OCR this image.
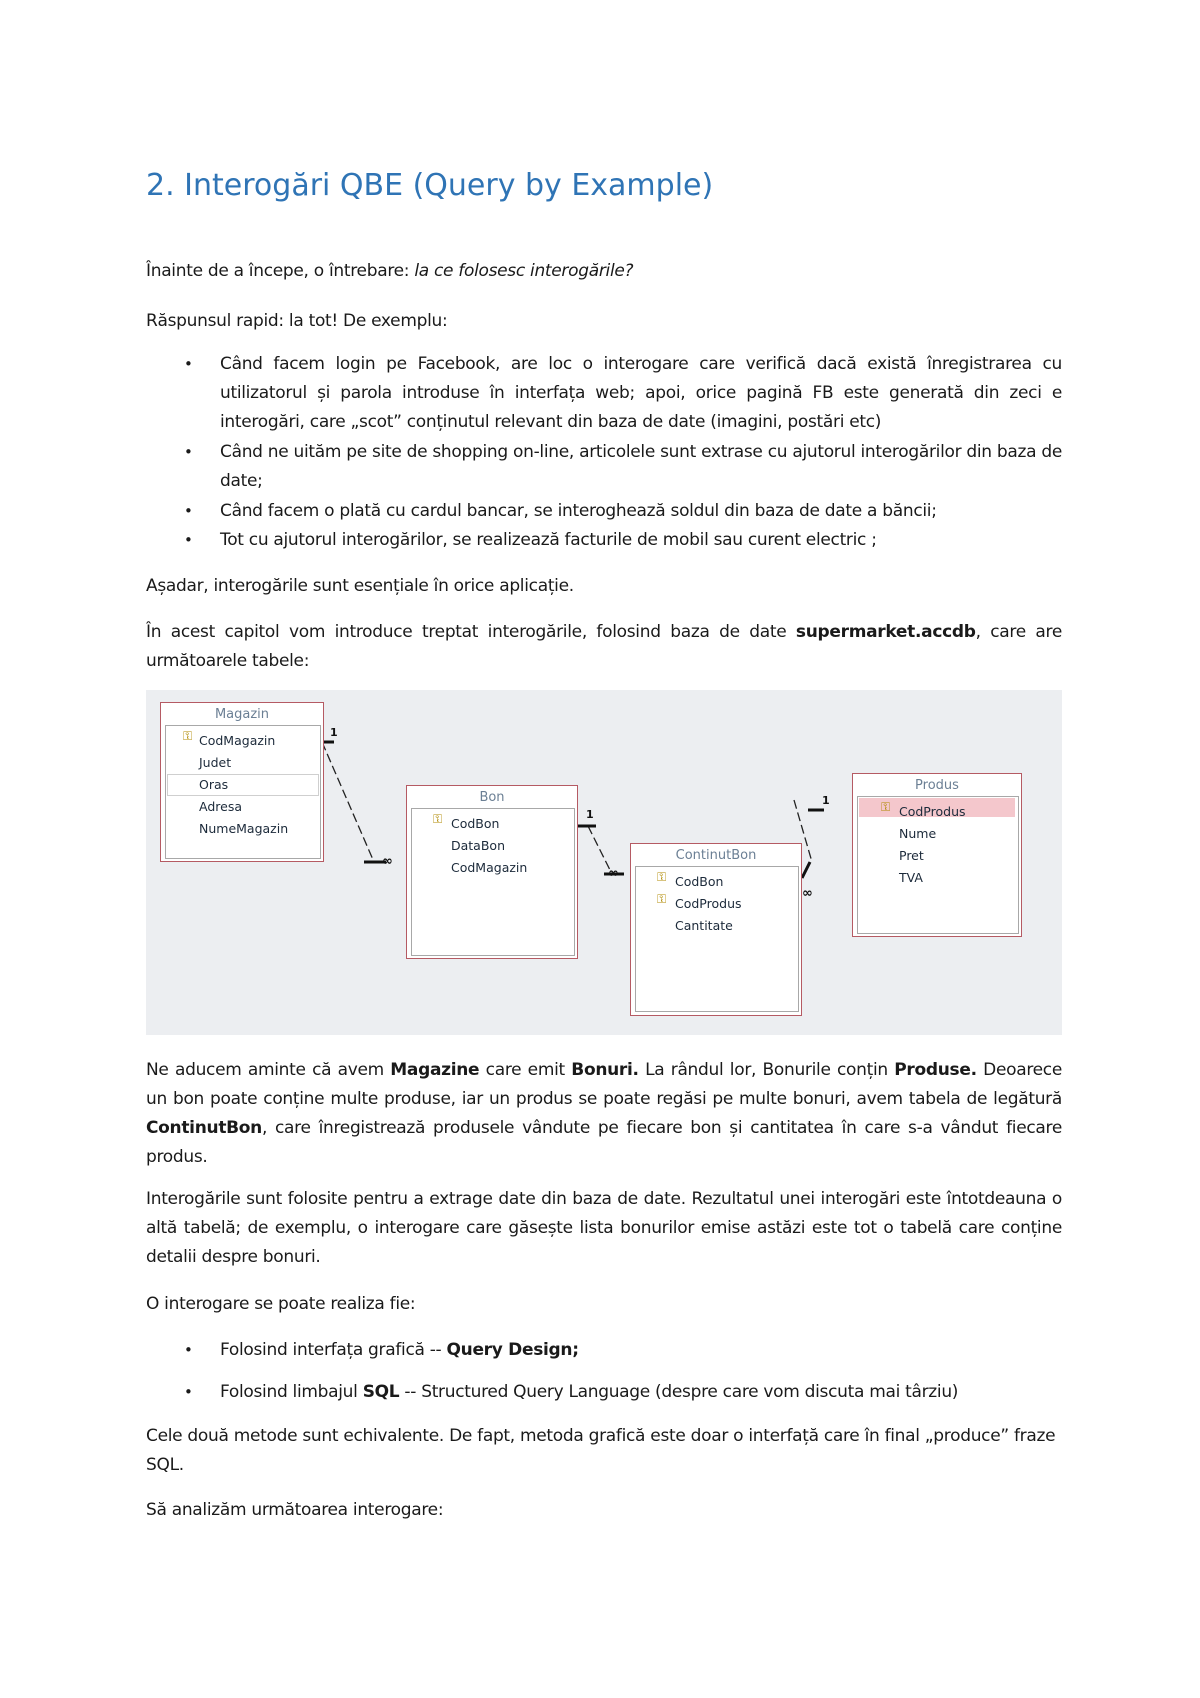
2. Interogări QBE (Query by Example)

Înainte de a începe, o întrebare: la ce folosesc interogările?

Răspunsul rapid: la tot! De exemplu:

• Când facem login pe Facebook, are loc o interogare care verifică dacă există înregistrarea cu utilizatorul și parola introduse în interfața web; apoi, orice pagină FB este generată din zeci e interogări, care „scot” conținutul relevant din baza de date (imagini, postări etc)
• Când ne uităm pe site de shopping on-line, articolele sunt extrase cu ajutorul interogărilor din baza de date;
• Când facem o plată cu cardul bancar, se interoghează soldul din baza de date a băncii;
• Tot cu ajutorul interogărilor, se realizează facturile de mobil sau curent electric ;

Așadar, interogările sunt esențiale în orice aplicație.

În acest capitol vom introduce treptat interogările, folosind baza de date supermarket.accdb, care are următoarele tabele:

Magazin
⚿ CodMagazin
Judet
Oras
Adresa
NumeMagazin
Bon
⚿ CodBon
DataBon
CodMagazin
ContinutBon
⚿
⚿
CodBon
CodProdus
Cantitate
Produs
⚿ CodProdus
Nume
Pret
TVA
1
∞
1
∞
1
∞

Ne aducem aminte că avem Magazine care emit Bonuri. La rândul lor, Bonurile conțin Produse. Deoarece un bon poate conține multe produse, iar un produs se poate regăsi pe multe bonuri, avem tabela de legătură ContinutBon, care înregistrează produsele vândute pe fiecare bon și cantitatea în care s-a vândut fiecare produs.

Interogările sunt folosite pentru a extrage date din baza de date. Rezultatul unei interogări este întotdeauna o altă tabelă; de exemplu, o interogare care găsește lista bonurilor emise astăzi este tot o tabelă care conține detalii despre bonuri.

O interogare se poate realiza fie:

• Folosind interfața grafică -- Query Design;
• Folosind limbajul SQL -- Structured Query Language (despre care vom discuta mai târziu)

Cele două metode sunt echivalente. De fapt, metoda grafică este doar o interfață care în final „produce” fraze SQL.

Să analizăm următoarea interogare:
